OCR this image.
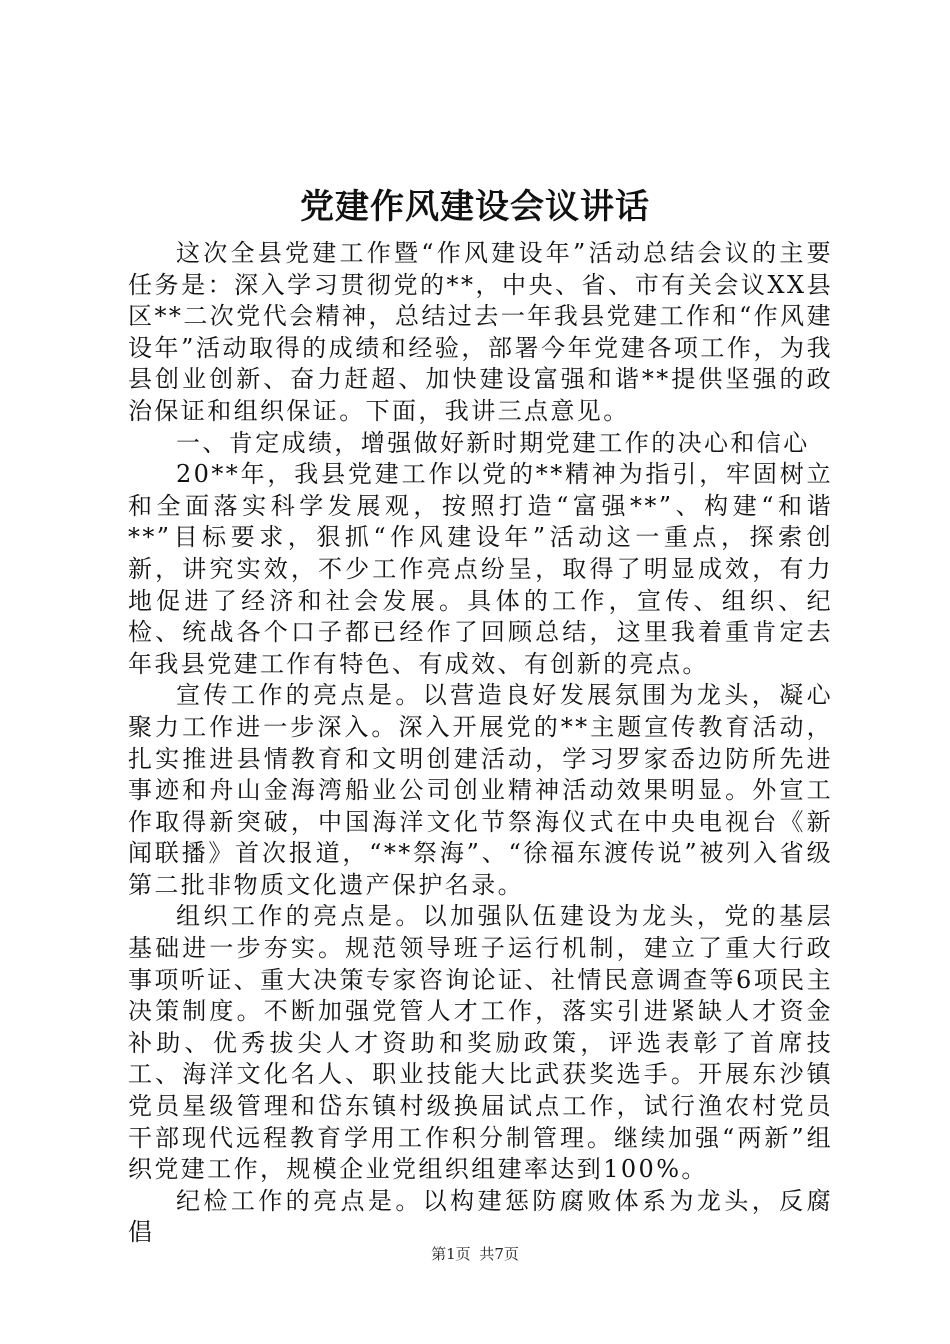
党建作风建设会议讲话

这次全县党建工作暨“作风建设年”活动总结会议的主要任务是：深入学习贯彻党的**，中央、省、市有关会议XX县区**二次党代会精神，总结过去一年我县党建工作和“作风建设年”活动取得的成绩和经验，部署今年党建各项工作，为我县创业创新、奋力赶超、加快建设富强和谐**提供坚强的政治保证和组织保证。下面，我讲三点意见。

一、肯定成绩，增强做好新时期党建工作的决心和信心

20**年，我县党建工作以党的**精神为指引，牢固树立和全面落实科学发展观，按照打造“富强**”、构建“和谐**”目标要求，狠抓“作风建设年”活动这一重点，探索创新，讲究实效，不少工作亮点纷呈，取得了明显成效，有力地促进了经济和社会发展。具体的工作，宣传、组织、纪检、统战各个口子都已经作了回顾总结，这里我着重肯定去年我县党建工作有特色、有成效、有创新的亮点。

宣传工作的亮点是。以营造良好发展氛围为龙头，凝心聚力工作进一步深入。深入开展党的**主题宣传教育活动，扎实推进县情教育和文明创建活动，学习罗家岙边防所先进事迹和舟山金海湾船业公司创业精神活动效果明显。外宣工作取得新突破，中国海洋文化节祭海仪式在中央电视台《新闻联播》首次报道，“**祭海”、“徐福东渡传说”被列入省级第二批非物质文化遗产保护名录。

组织工作的亮点是。以加强队伍建设为龙头，党的基层基础进一步夯实。规范领导班子运行机制，建立了重大行政事项听证、重大决策专家咨询论证、社情民意调查等6项民主决策制度。不断加强党管人才工作，落实引进紧缺人才资金补助、优秀拔尖人才资助和奖励政策，评选表彰了首席技工、海洋文化名人、职业技能大比武获奖选手。开展东沙镇党员星级管理和岱东镇村级换届试点工作，试行渔农村党员干部现代远程教育学用工作积分制管理。继续加强“两新”组织党建工作，规模企业党组织组建率达到100%。

纪检工作的亮点是。以构建惩防腐败体系为龙头，反腐倡

第1页 共7页
